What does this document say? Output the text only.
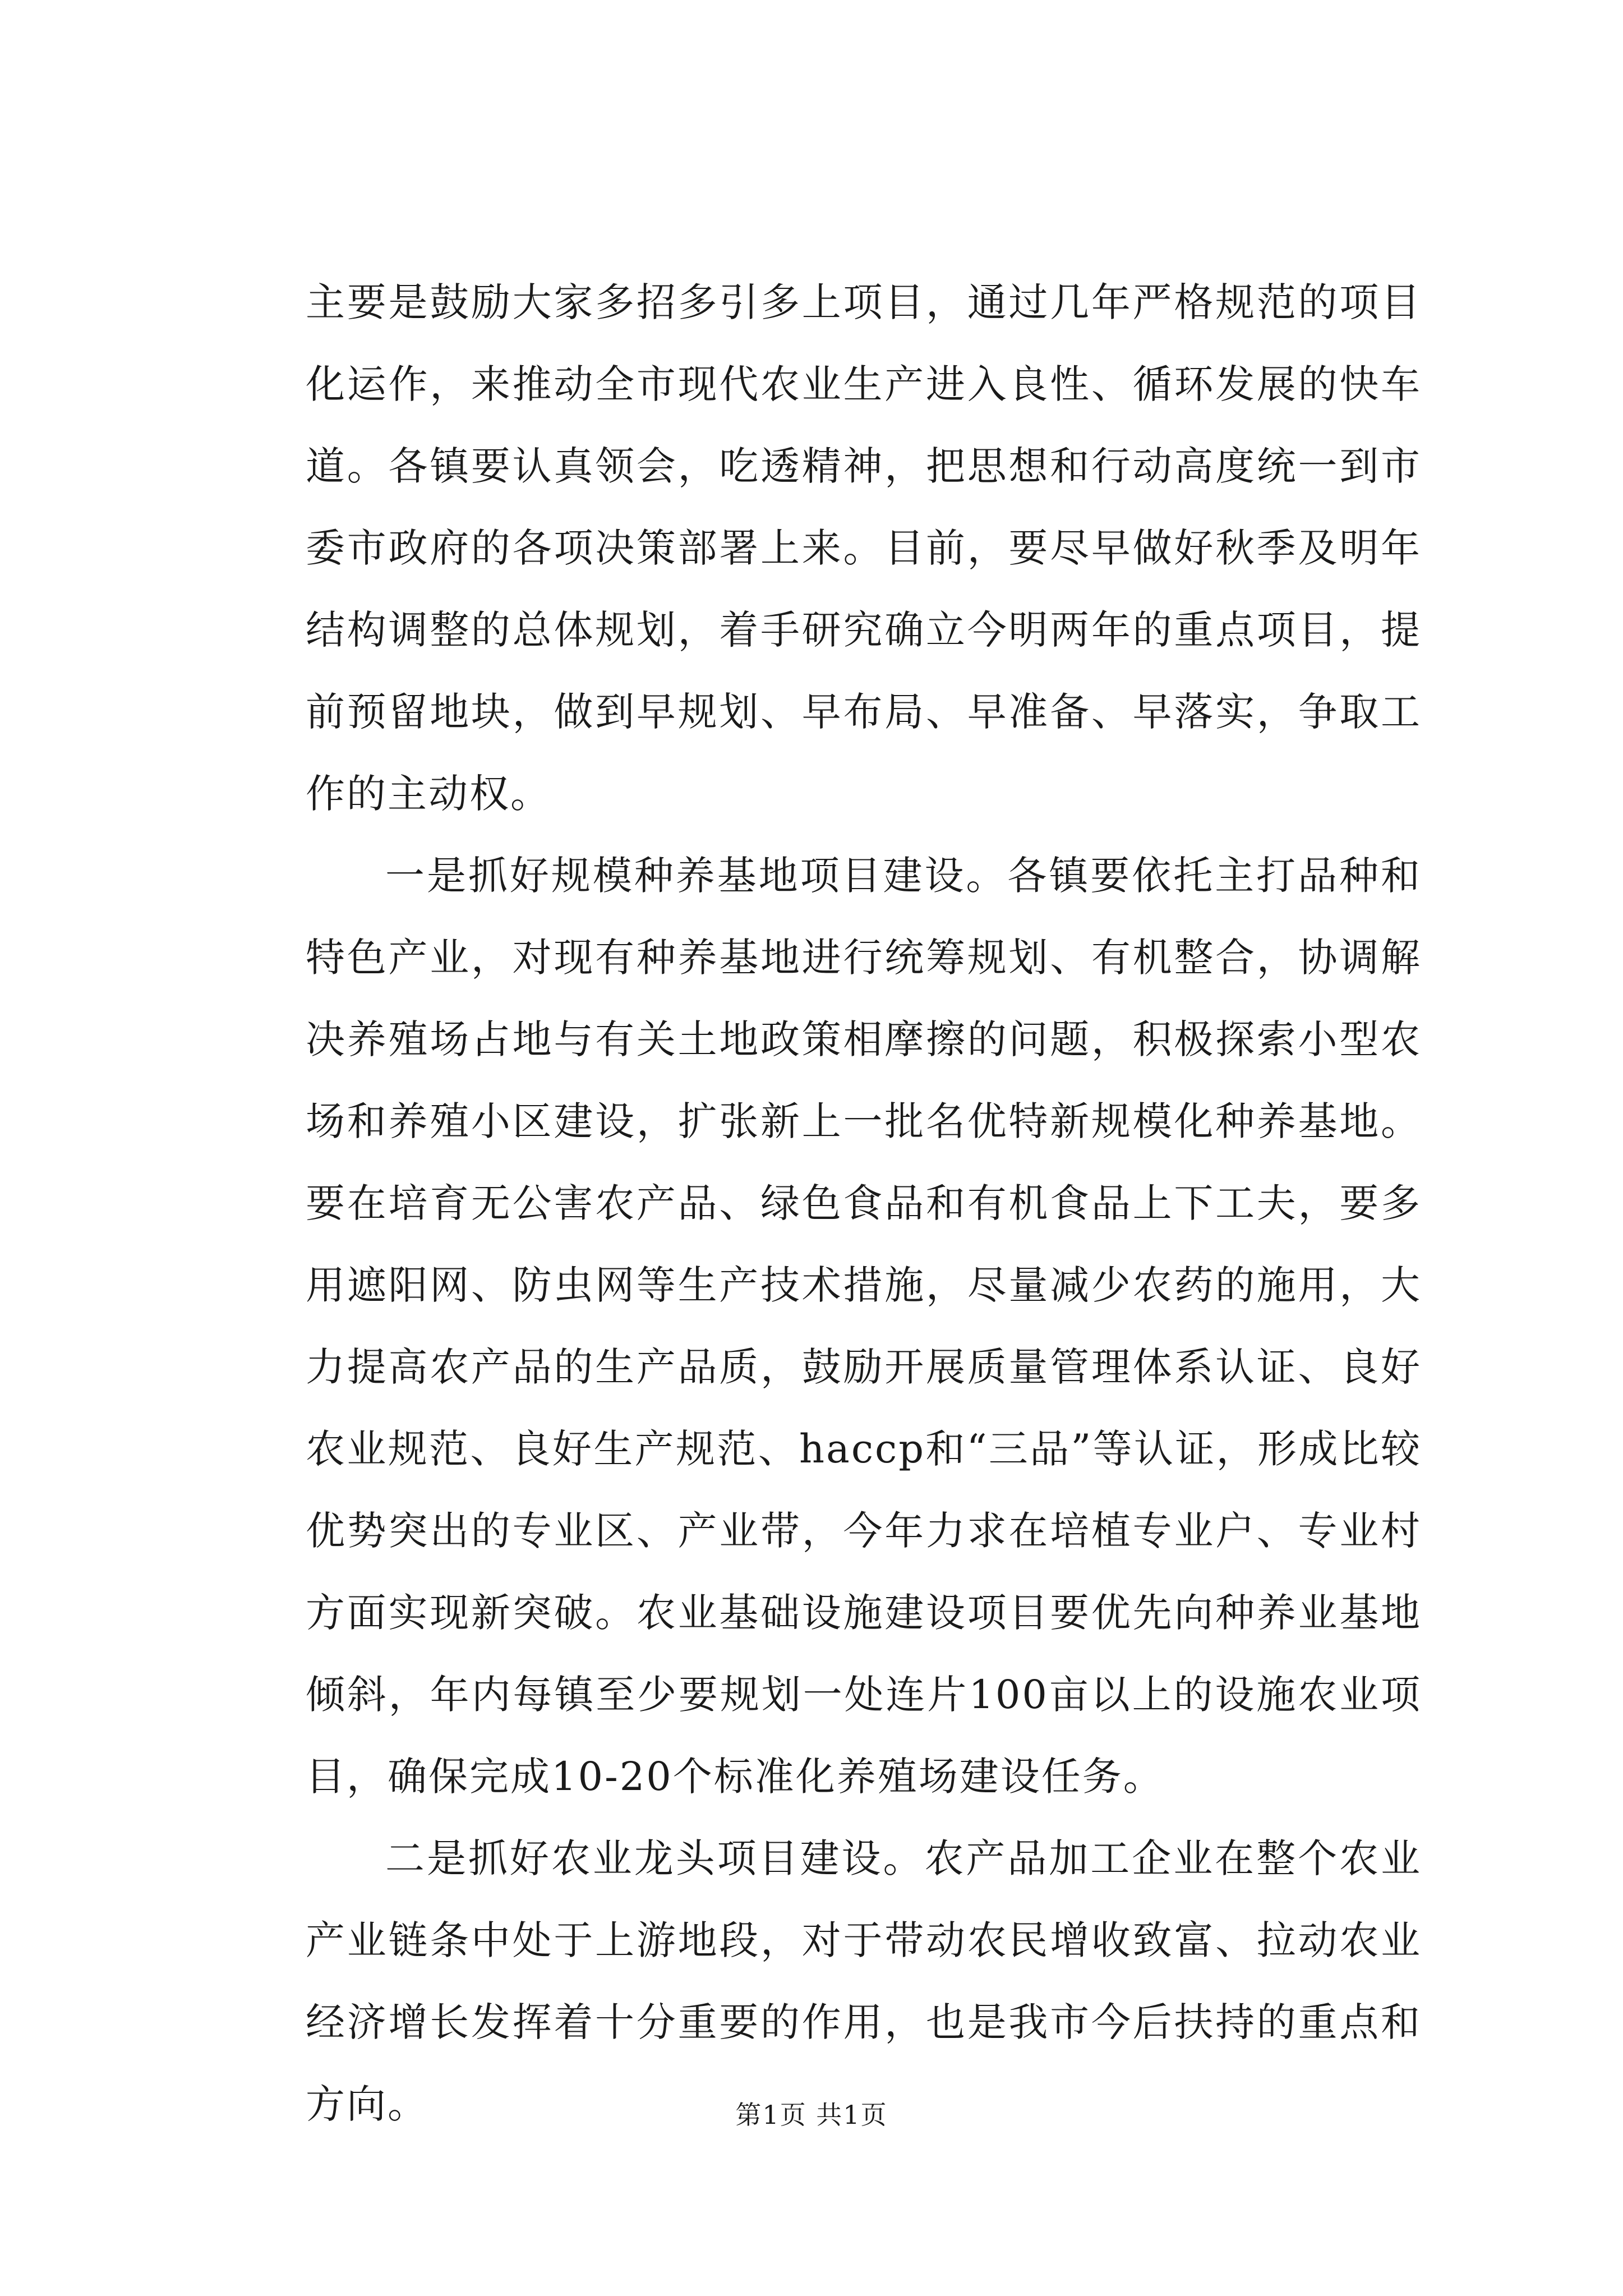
主要是鼓励大家多招多引多上项目，通过几年严格规范的项目化运作，来推动全市现代农业生产进入良性、循环发展的快车道。各镇要认真领会，吃透精神，把思想和行动高度统一到市委市政府的各项决策部署上来。目前，要尽早做好秋季及明年结构调整的总体规划，着手研究确立今明两年的重点项目，提前预留地块，做到早规划、早布局、早准备、早落实，争取工作的主动权。

一是抓好规模种养基地项目建设。各镇要依托主打品种和特色产业，对现有种养基地进行统筹规划、有机整合，协调解决养殖场占地与有关土地政策相摩擦的问题，积极探索小型农场和养殖小区建设，扩张新上一批名优特新规模化种养基地。要在培育无公害农产品、绿色食品和有机食品上下工夫，要多用遮阳网、防虫网等生产技术措施，尽量减少农药的施用，大力提高农产品的生产品质，鼓励开展质量管理体系认证、良好农业规范、良好生产规范、haccp和“三品”等认证，形成比较优势突出的专业区、产业带，今年力求在培植专业户、专业村方面实现新突破。农业基础设施建设项目要优先向种养业基地倾斜，年内每镇至少要规划一处连片100亩以上的设施农业项目，确保完成10-20个标准化养殖场建设任务。

二是抓好农业龙头项目建设。农产品加工企业在整个农业产业链条中处于上游地段，对于带动农民增收致富、拉动农业经济增长发挥着十分重要的作用，也是我市今后扶持的重点和方向。	第1页 共1页
